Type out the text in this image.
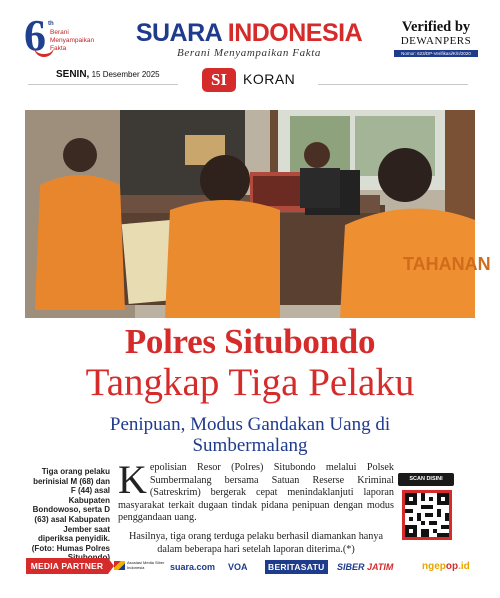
6 th
Berani Menyampaikan Fakta
SUARA INDONESIA
Berani Menyampaikan Fakta
Verified by
DEWANPERS
Nomor: 623/DP-Verifikasi/K/II/2020
SENIN, 15 Desember 2025	SI	KORAN
TAHANAN
Polres Situbondo
Tangkap Tiga Pelaku
Penipuan, Modus Gandakan Uang di Sumbermalang
Tiga orang pelaku berinisial M (68) dan F (44) asal Kabupaten Bondowoso, serta D (63) asal Kabupaten Jember saat diperiksa penyidik. (Foto: Humas Polres

Kepolisian Resor (Polres) Situbondo melalui Polsek Sumbermalang bersama Satuan Reserse Kriminal (Satreskrim) bergerak cepat menindaklanjuti laporan masyarakat terkait dugaan tindak pidana penipuan dengan modus penggandaan uang.

Hasilnya, tiga orang terduga pelaku berhasil diamankan hanya dalam beberapa hari setelah laporan diterima.(*)

SCAN DISINI
MEDIA PARTNER	Asosiasi Media Siber Indonesia	suara.com VOA	BERITASATU	SIBER JATIM	ngepop.id
